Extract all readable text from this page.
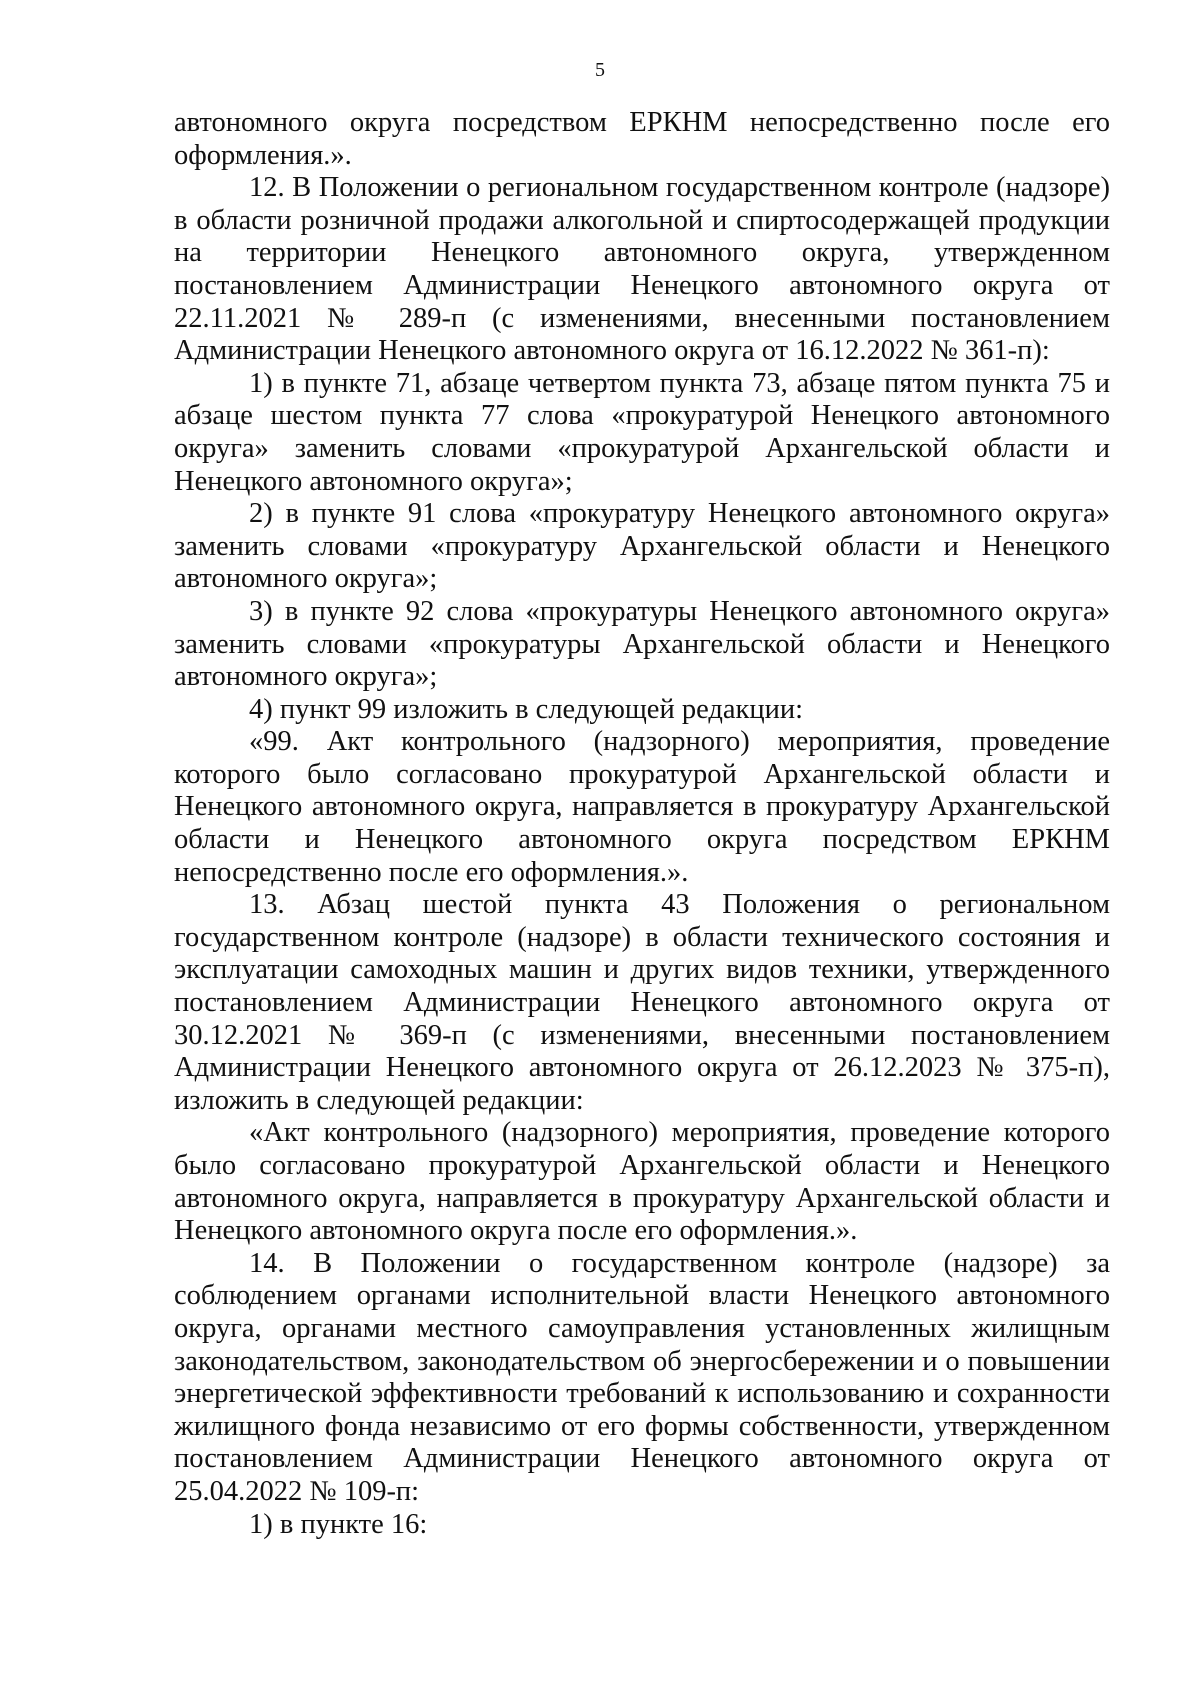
5

автономного округа посредством ЕРКНМ непосредственно после его оформления.».

12. В Положении о региональном государственном контроле (надзоре) в области розничной продажи алкогольной и спиртосодержащей продукции на территории Ненецкого автономного округа, утвержденном постановлением Администрации Ненецкого автономного округа от 22.11.2021 № 289-п (с изменениями, внесенными постановлением Администрации Ненецкого автономного округа от 16.12.2022 № 361-п):

1) в пункте 71, абзаце четвертом пункта 73, абзаце пятом пункта 75 и абзаце шестом пункта 77 слова «прокуратурой Ненецкого автономного округа» заменить словами «прокуратурой Архангельской области и Ненецкого автономного округа»;

2) в пункте 91 слова «прокуратуру Ненецкого автономного округа» заменить словами «прокуратуру Архангельской области и Ненецкого автономного округа»;

3) в пункте 92 слова «прокуратуры Ненецкого автономного округа» заменить словами «прокуратуры Архангельской области и Ненецкого автономного округа»;

4) пункт 99 изложить в следующей редакции:

«99. Акт контрольного (надзорного) мероприятия, проведение которого было согласовано прокуратурой Архангельской области и Ненецкого автономного округа, направляется в прокуратуру Архангельской области и Ненецкого автономного округа посредством ЕРКНМ непосредственно после его оформления.».

13. Абзац шестой пункта 43 Положения о региональном государственном контроле (надзоре) в области технического состояния и эксплуатации самоходных машин и других видов техники, утвержденного постановлением Администрации Ненецкого автономного округа от 30.12.2021 № 369-п (с изменениями, внесенными постановлением Администрации Ненецкого автономного округа от 26.12.2023 № 375-п), изложить в следующей редакции:

«Акт контрольного (надзорного) мероприятия, проведение которого было согласовано прокуратурой Архангельской области и Ненецкого автономного округа, направляется в прокуратуру Архангельской области и Ненецкого автономного округа после его оформления.».

14. В Положении о государственном контроле (надзоре) за соблюдением органами исполнительной власти Ненецкого автономного округа, органами местного самоуправления установленных жилищным законодательством, законодательством об энергосбережении и о повышении энергетической эффективности требований к использованию и сохранности жилищного фонда независимо от его формы собственности, утвержденном постановлением Администрации Ненецкого автономного округа от 25.04.2022 № 109-п:

1) в пункте 16:
